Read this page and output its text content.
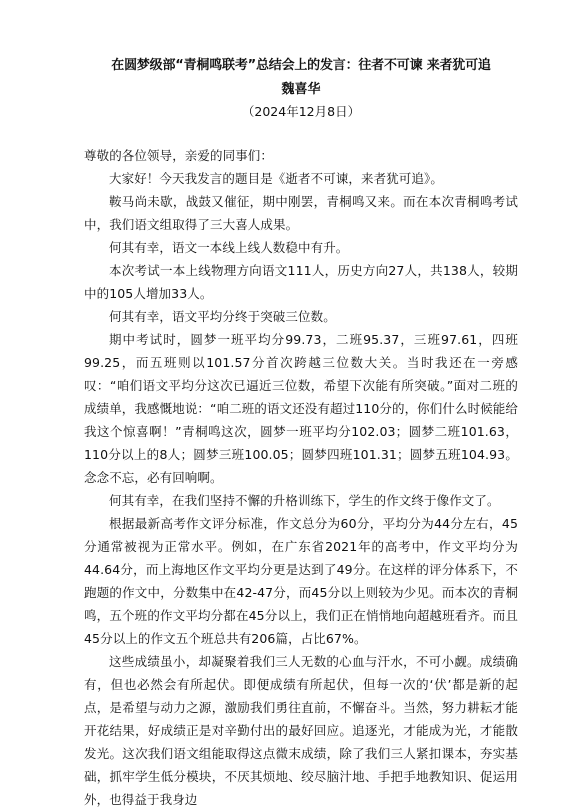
在圆梦级部“青桐鸣联考”总结会上的发言：往者不可谏 来者犹可追

魏喜华

（2024年12月8日）

尊敬的各位领导，亲爱的同事们：

大家好！今天我发言的题目是《逝者不可谏，来者犹可追》。

鞍马尚未歇，战鼓又催征，期中刚罢，青桐鸣又来。而在本次青桐鸣考试中，我们语文组取得了三大喜人成果。

何其有幸，语文一本线上线人数稳中有升。

本次考试一本上线物理方向语文111人，历史方向27人，共138人，较期中的105人增加33人。

何其有幸，语文平均分终于突破三位数。

期中考试时，圆梦一班平均分99.73，二班95.37，三班97.61，四班99.25，而五班则以101.57分首次跨越三位数大关。当时我还在一旁感叹：“咱们语文平均分这次已逼近三位数，希望下次能有所突破。”面对二班的成绩单，我感慨地说：“咱二班的语文还没有超过110分的，你们什么时候能给我这个惊喜啊！”青桐鸣这次，圆梦一班平均分102.03；圆梦二班101.63，110分以上的8人；圆梦三班100.05；圆梦四班101.31；圆梦五班104.93。念念不忘，必有回响啊。

何其有幸，在我们坚持不懈的升格训练下，学生的作文终于像作文了。

根据最新高考作文评分标准，作文总分为60分，平均分为44分左右，45分通常被视为正常水平。例如，在广东省2021年的高考中，作文平均分为44.64分，而上海地区作文平均分更是达到了49分。在这样的评分体系下，不跑题的作文中，分数集中在42-47分，而45分以上则较为少见。而本次的青桐鸣，五个班的作文平均分都在45分以上，我们正在悄悄地向超越班看齐。而且45分以上的作文五个班总共有206篇，占比67%。

这些成绩虽小，却凝聚着我们三人无数的心血与汗水，不可小觑。成绩确有，但也必然会有所起伏。即便成绩有所起伏，但每一次的‘伏’都是新的起点，是希望与动力之源，激励我们勇往直前，不懈奋斗。当然，努力耕耘才能开花结果，好成绩正是对辛勤付出的最好回应。追逐光，才能成为光，才能散发光。这次我们语文组能取得这点微末成绩，除了我们三人紧扣课本，夯实基础，抓牢学生低分模块，不厌其烦地、绞尽脑汁地、手把手地教知识、促运用外，也得益于我身边
